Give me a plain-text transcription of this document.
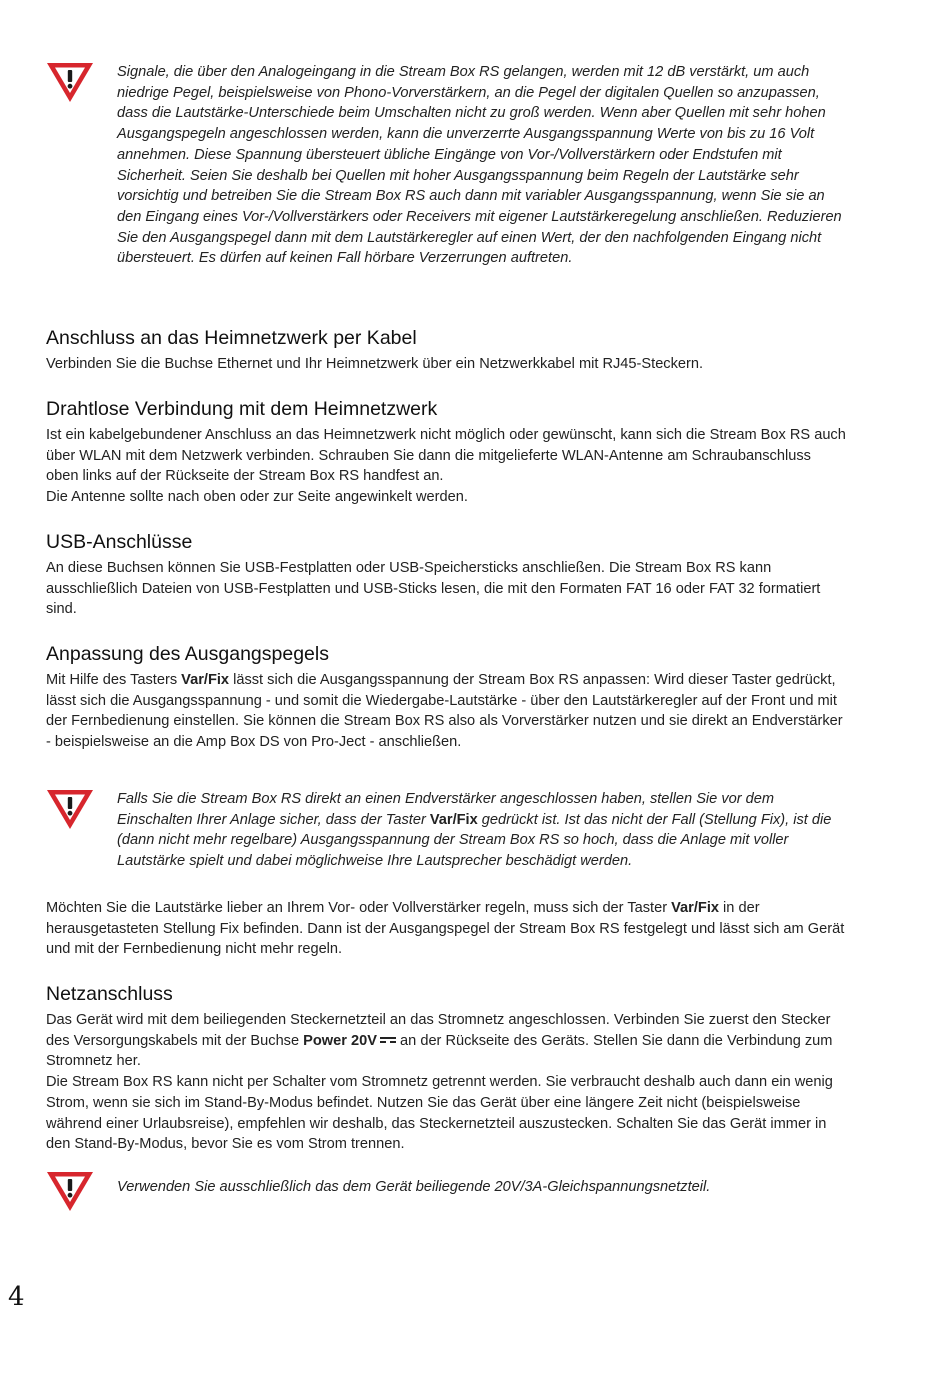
Signale, die über den Analogeingang in die Stream Box RS gelangen, werden mit 12 dB verstärkt, um auch niedrige Pegel, beispielsweise von Phono-Vorverstärkern, an die Pegel der digitalen Quellen so anzupassen, dass die Lautstärke-Unterschiede beim Umschalten nicht zu groß werden. Wenn aber Quellen mit sehr hohen Ausgangspegeln angeschlossen werden, kann die unverzerrte Ausgangsspannung Werte von bis zu 16 Volt annehmen. Diese Spannung übersteuert übliche Eingänge von Vor-/Vollverstärkern oder Endstufen mit Sicherheit. Seien Sie deshalb bei Quellen mit hoher Ausgangsspannung beim Regeln der Lautstärke sehr vorsichtig und betreiben Sie die Stream Box RS auch dann mit variabler Ausgangsspannung, wenn Sie sie an den Eingang eines Vor-/Vollverstärkers oder Receivers mit eigener Lautstärkeregelung anschließen. Reduzieren Sie den Ausgangspegel dann mit dem Lautstärkeregler auf einen Wert, der den nachfolgenden Eingang nicht übersteuert. Es dürfen auf keinen Fall hörbare Verzerrungen auftreten.
Anschluss an das Heimnetzwerk per Kabel

Verbinden Sie die Buchse Ethernet und Ihr Heimnetzwerk über ein Netzwerkkabel mit RJ45-Steckern.

Drahtlose Verbindung mit dem Heimnetzwerk

Ist ein kabelgebundener Anschluss an das Heimnetzwerk nicht möglich oder gewünscht, kann sich die Stream Box RS auch über WLAN mit dem Netzwerk verbinden. Schrauben Sie dann die mitgelieferte WLAN-Antenne am Schraubanschluss oben links auf der Rückseite der Stream Box RS handfest an.

Die Antenne sollte nach oben oder zur Seite angewinkelt werden.

USB-Anschlüsse

An diese Buchsen können Sie USB-Festplatten oder USB-Speichersticks anschließen. Die Stream Box RS kann ausschließlich Dateien von USB-Festplatten und USB-Sticks lesen, die mit den Formaten FAT 16 oder FAT 32 formatiert sind.

Anpassung des Ausgangspegels

Mit Hilfe des Tasters Var/Fix lässt sich die Ausgangsspannung der Stream Box RS anpassen: Wird dieser Taster gedrückt, lässt sich die Ausgangsspannung - und somit die Wiedergabe-Lautstärke - über den Lautstärkeregler auf der Front und mit der Fernbedienung einstellen. Sie können die Stream Box RS also als Vorverstärker nutzen und sie direkt an Endverstärker - beispielsweise an die Amp Box DS von Pro-Ject - anschließen.

Falls Sie die Stream Box RS direkt an einen Endverstärker angeschlossen haben, stellen Sie vor dem Einschalten Ihrer Anlage sicher, dass der Taster Var/Fix gedrückt ist. Ist das nicht der Fall (Stellung Fix), ist die (dann nicht mehr regelbare) Ausgangsspannung der Stream Box RS so hoch, dass die Anlage mit voller Lautstärke spielt und dabei möglichweise Ihre Lautsprecher beschädigt werden.

Möchten Sie die Lautstärke lieber an Ihrem Vor- oder Vollverstärker regeln, muss sich der Taster Var/Fix in der herausgetasteten Stellung Fix befinden. Dann ist der Ausgangspegel der Stream Box RS festgelegt und lässt sich am Gerät und mit der Fernbedienung nicht mehr regeln.

Netzanschluss

Das Gerät wird mit dem beiliegenden Steckernetzteil an das Stromnetz angeschlossen. Verbinden Sie zuerst den Stecker des Versorgungskabels mit der Buchse Power 20V an der Rückseite des Geräts. Stellen Sie dann die Verbindung zum Stromnetz her.

Die Stream Box RS kann nicht per Schalter vom Stromnetz getrennt werden. Sie verbraucht deshalb auch dann ein wenig Strom, wenn sie sich im Stand-By-Modus befindet. Nutzen Sie das Gerät über eine längere Zeit nicht (beispielsweise während einer Urlaubsreise), empfehlen wir deshalb, das Steckernetzteil auszustecken. Schalten Sie das Gerät immer in den Stand-By-Modus, bevor Sie es vom Strom trennen.

Verwenden Sie ausschließlich das dem Gerät beiliegende 20V/3A-Gleichspannungsnetzteil.
4
